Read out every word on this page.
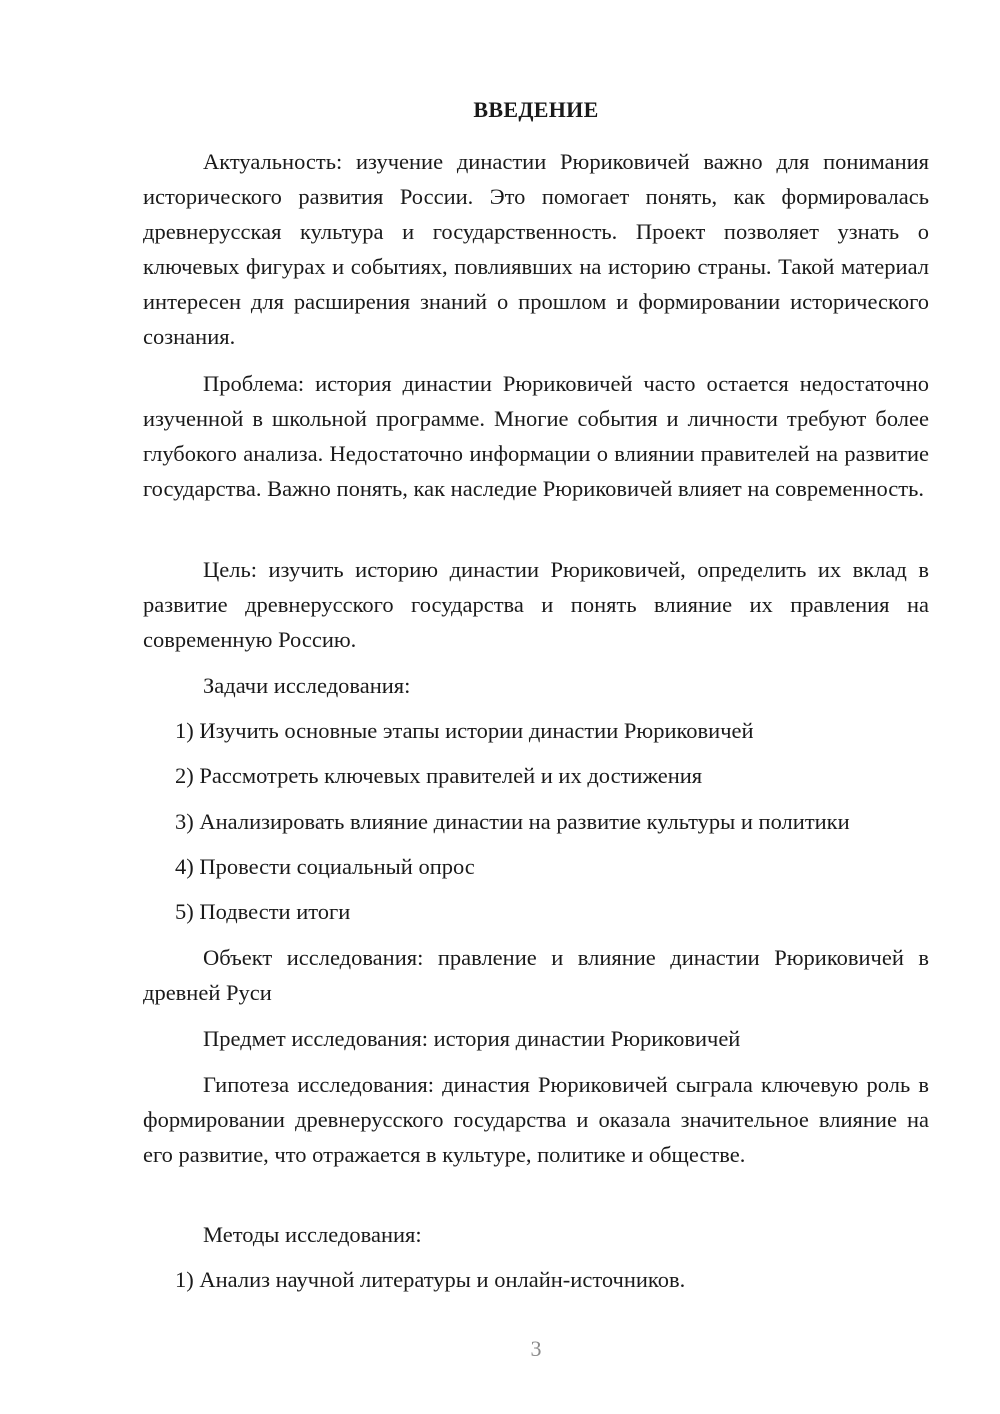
ВВЕДЕНИЕ

Актуальность: изучение династии Рюриковичей важно для понимания исторического развития России. Это помогает понять, как формировалась древнерусская культура и государственность. Проект позволяет узнать о ключевых фигурах и событиях, повлиявших на историю страны. Такой материал интересен для расширения знаний о прошлом и формировании исторического сознания.

Проблема: история династии Рюриковичей часто остается недостаточно изученной в школьной программе. Многие события и личности требуют более глубокого анализа. Недостаточно информации о влиянии правителей на развитие государства. Важно понять, как наследие Рюриковичей влияет на современность.

Цель: изучить историю династии Рюриковичей, определить их вклад в развитие древнерусского государства и понять влияние их правления на современную Россию.

Задачи исследования:

1) Изучить основные этапы истории династии Рюриковичей

2) Рассмотреть ключевых правителей и их достижения

3) Анализировать влияние династии на развитие культуры и политики

4) Провести социальный опрос

5) Подвести итоги

Объект исследования: правление и влияние династии Рюриковичей в древней Руси

Предмет исследования: история династии Рюриковичей

Гипотеза исследования: династия Рюриковичей сыграла ключевую роль в формировании древнерусского государства и оказала значительное влияние на его развитие, что отражается в культуре, политике и обществе.

Методы исследования:

1) Анализ научной литературы и онлайн-источников.

3
